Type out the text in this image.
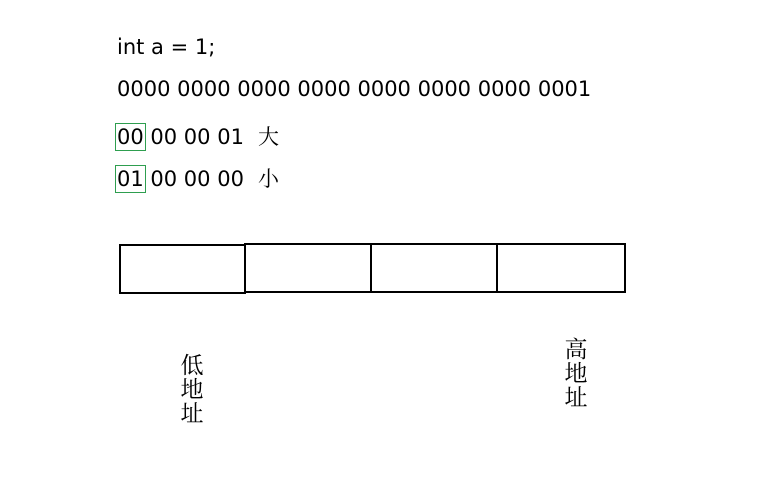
int a = 1;
0000 0000 0000 0000 0000 0000 0000 0001
00 00 00 01 大
01 00 00 00 小
低地址
高地址
